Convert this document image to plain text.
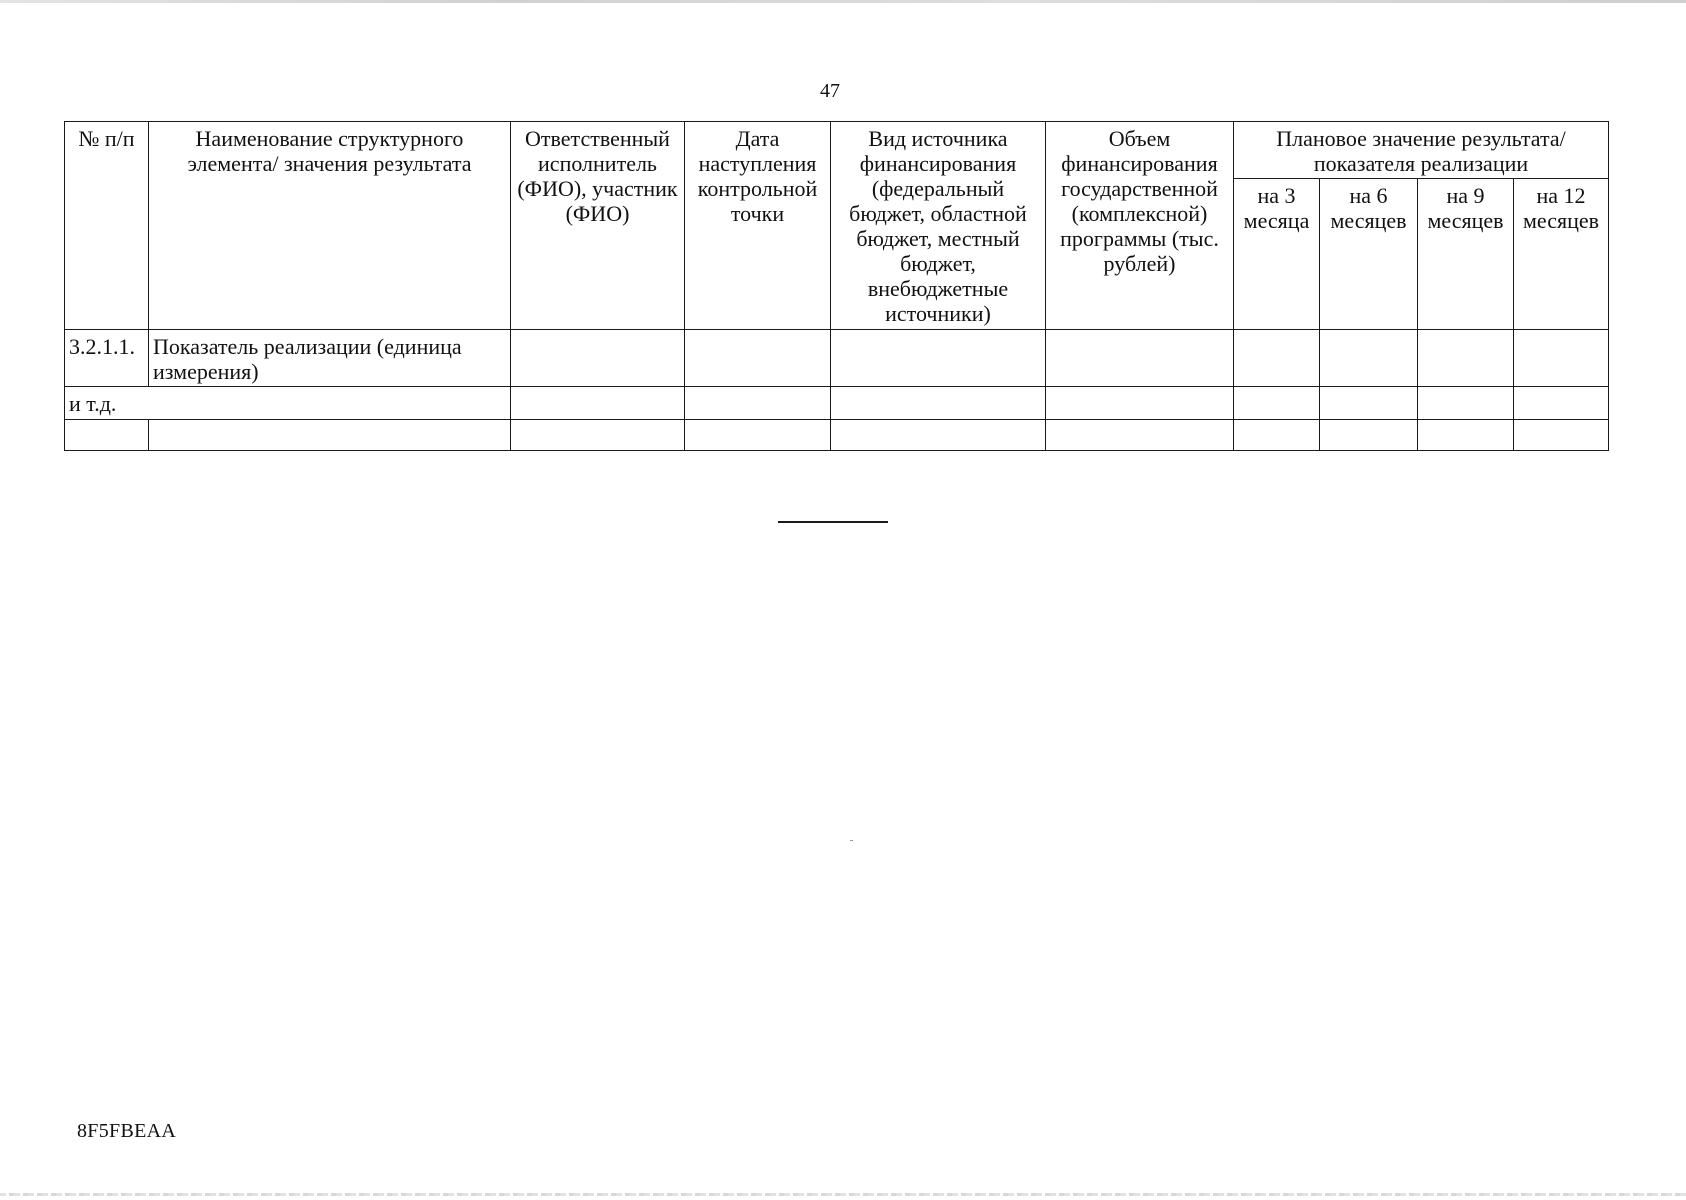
47
№ п/п	Наименование структурного элемента/ значения результата	Ответственный исполнитель (ФИО), участник (ФИО)	Дата наступления контрольной точки	Вид источника финансирования (федеральный бюджет, областной бюджет, местный бюджет, внебюджетные источники)	Объем финансирования государственной (комплексной) программы (тыс. рублей)	Плановое значение результата/показателя реализации			
						на 3 месяца	на 6 месяцев	на 9 месяцев	на 12 месяцев
3.2.1.1.	Показатель реализации (единица измерения)								
и т.д.									

8F5FBEAA
